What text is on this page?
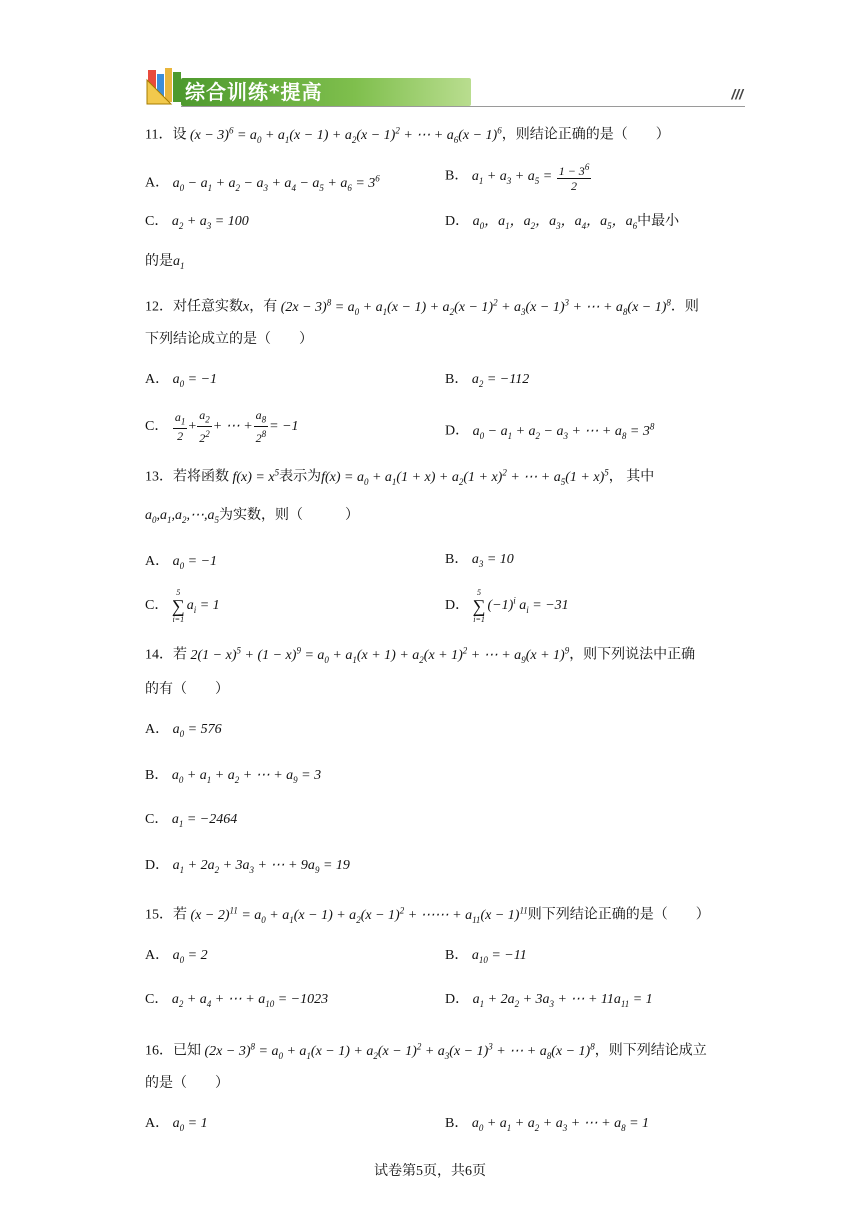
综合训练*提高	///
11．设 $(x - 3)^6 = a_0 + a_1(x - 1) + a_2(x - 1)^2$ + ⋯ + $a_6(x - 1)^6$，则结论正确的是（　　）
A． $a_0 - a_1 + a_2 - a_3 + a_4 - a_5 + a_6 = 3^6$	B． $a_1 + a_3 + a_5 = \frac{1 - 3^6}{2}$
C． $a_2 + a_3 = 100$	D． $a_0$，$a_1$，$a_2$，$a_3$，$a_4$，$a_5$，$a_6$中最小
的是$a_1$
12．对任意实数x，有 $(2x - 3)^8 = a_0 + a_1(x - 1) + a_2(x - 1)^2 + a_3(x - 1)^3$ + ⋯ + $a_8(x - 1)^8$．则
下列结论成立的是（　　）
A． $a_0 = -1$	B． $a_2 = -112$
C． $\frac{a_1}{2} + \frac{a_2}{2^2}$ + ⋯ + $\frac{a_8}{2^8} = -1$	D． $a_0 - a_1 + a_2 - a_3$ + ⋯ + $a_8 = 3^8$
13．若将函数 $f(x) = x^5$表示为$f(x) = a_0 + a_1(1 + x) + a_2(1 + x)^2$ + ⋯ + $a_5(1 + x)^5$， 其中
$a_0,a_1,a_2,\cdots,a_5$为实数，则（　　　）
A． $a_0 = -1$	B． $a_3 = 10$
C．
5
∑
i=1
$a_i = 1$	D．
5
∑
i=1
$(-1)^i$ $a_i = -31$
14．若 $2(1 - x)^5 + (1 - x)^9 = a_0 + a_1(x + 1) + a_2(x + 1)^2$ + ⋯ + $a_9(x + 1)^9$，则下列说法中正确
的有（　　）
A． $a_0 = 576$
B． $a_0 + a_1 + a_2$ + ⋯ + $a_9 = 3$
C． $a_1 = -2464$
D． $a_1 + 2a_2 + 3a_3$ + ⋯ + $9a_9 = 19$
15．若 $(x - 2)^{11} = a_0 + a_1(x - 1) + a_2(x - 1)^2$ + ⋯⋯ + $a_{11}(x - 1)^{11}$则下列结论正确的是（　　）
A． $a_0 = 2$	B． $a_{10} = -11$
C． $a_2 + a_4$ + ⋯ + $a_{10} = -1023$	D． $a_1 + 2a_2 + 3a_3$ + ⋯ + $11a_{11} = 1$
16．已知 $(2x - 3)^8 = a_0 + a_1(x - 1) + a_2(x - 1)^2 + a_3(x - 1)^3$ + ⋯ + $a_8(x - 1)^8$，则下列结论成立
的是（　　）
A． $a_0 = 1$	B． $a_0 + a_1 + a_2 + a_3$ + ⋯ + $a_8 = 1$
试卷第5页，共6页
